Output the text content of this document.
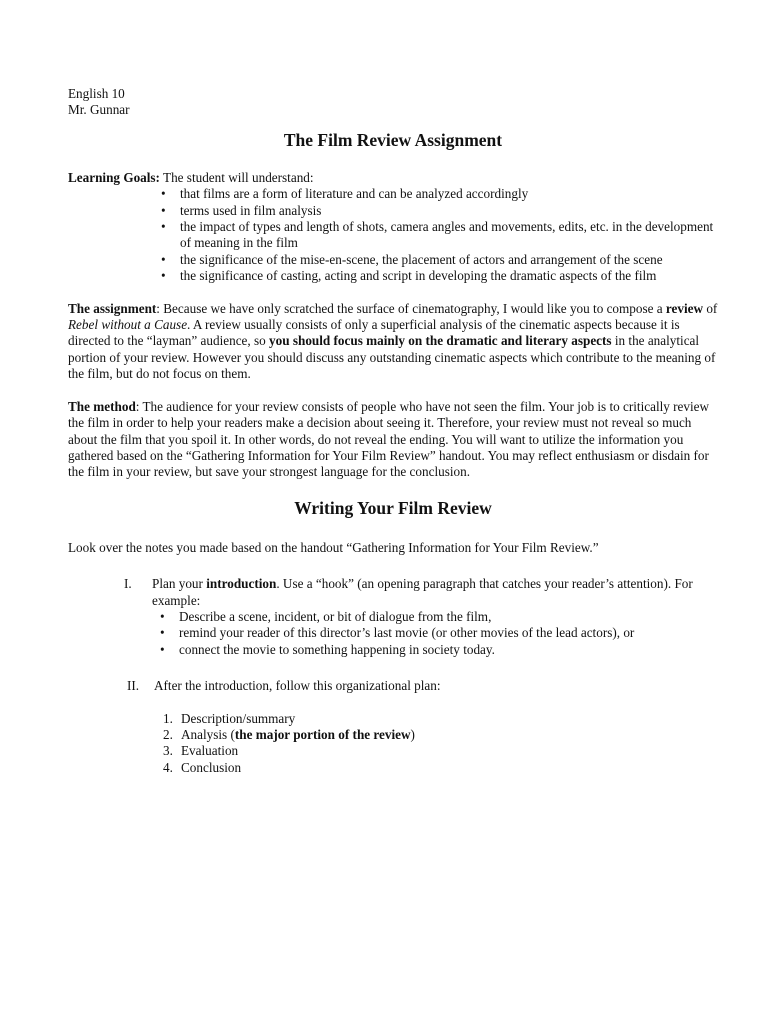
English 10
Mr. Gunnar
The Film Review Assignment
Learning Goals: The student will understand:
• that films are a form of literature and can be analyzed accordingly
• terms used in film analysis
• the impact of types and length of shots, camera angles and movements, edits, etc. in the development of meaning in the film
• the significance of the mise-en-scene, the placement of actors and arrangement of the scene
• the significance of casting, acting and script in developing the dramatic aspects of the film

The assignment: Because we have only scratched the surface of cinematography, I would like you to compose a review of Rebel without a Cause. A review usually consists of only a superficial analysis of the cinematic aspects because it is directed to the “layman” audience, so you should focus mainly on the dramatic and literary aspects in the analytical portion of your review. However you should discuss any outstanding cinematic aspects which contribute to the meaning of the film, but do not focus on them.

The method: The audience for your review consists of people who have not seen the film. Your job is to critically review the film in order to help your readers make a decision about seeing it. Therefore, your review must not reveal so much about the film that you spoil it. In other words, do not reveal the ending. You will want to utilize the information you gathered based on the “Gathering Information for Your Film Review” handout. You may reflect enthusiasm or disdain for the film in your review, but save your strongest language for the conclusion.

Writing Your Film Review

Look over the notes you made based on the handout “Gathering Information for Your Film Review.”

I. Plan your introduction. Use a “hook” (an opening paragraph that catches your reader’s attention). For example:
• Describe a scene, incident, or bit of dialogue from the film,
• remind your reader of this director’s last movie (or other movies of the lead actors), or
• connect the movie to something happening in society today.
II. After the introduction, follow this organizational plan:
1. Description/summary
2. Analysis (the major portion of the review)
3. Evaluation
4. Conclusion
